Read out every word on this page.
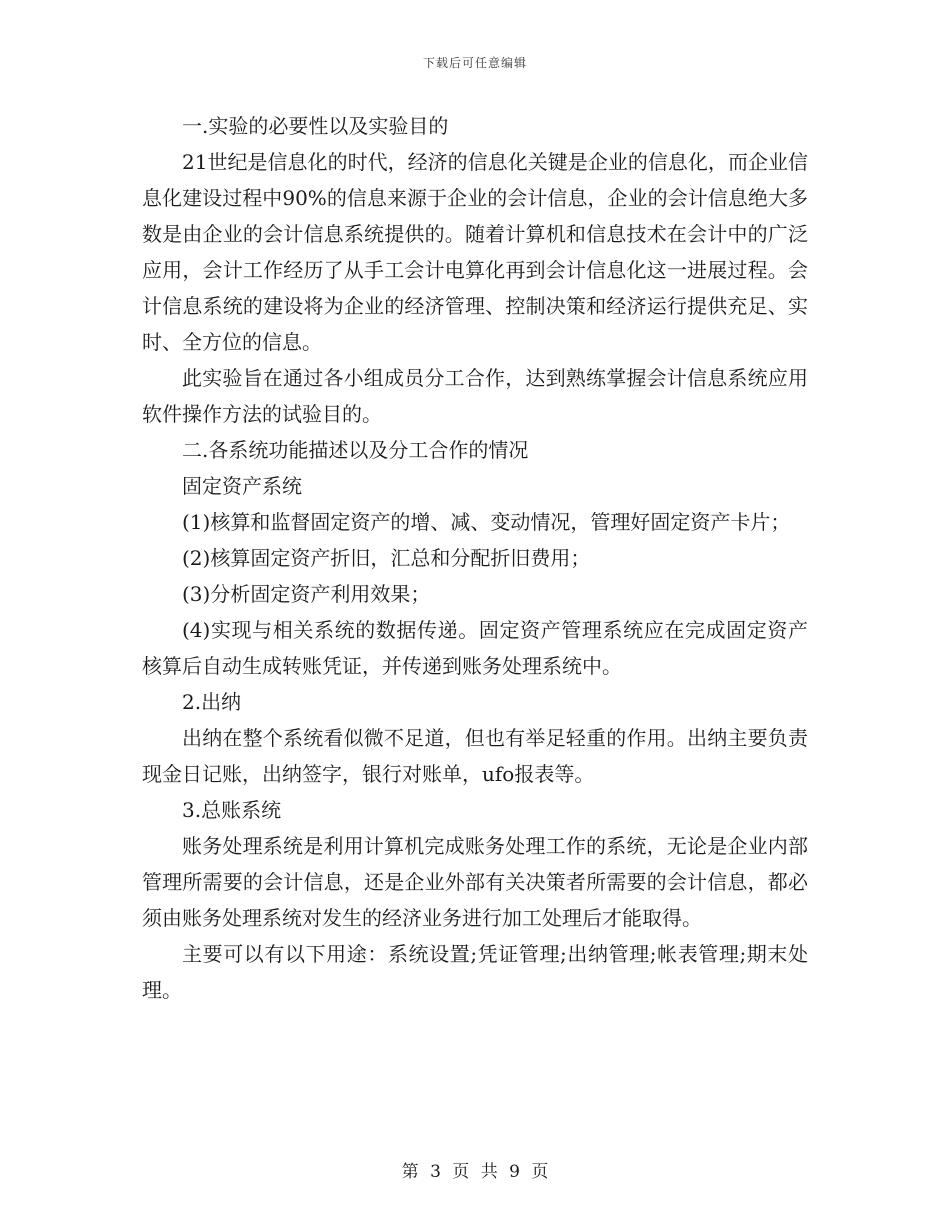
下载后可任意编辑

一.实验的必要性以及实验目的

21世纪是信息化的时代，经济的信息化关键是企业的信息化，而企业信息化建设过程中90%的信息来源于企业的会计信息，企业的会计信息绝大多数是由企业的会计信息系统提供的。随着计算机和信息技术在会计中的广泛应用，会计工作经历了从手工会计电算化再到会计信息化这一进展过程。会计信息系统的建设将为企业的经济管理、控制决策和经济运行提供充足、实时、全方位的信息。

此实验旨在通过各小组成员分工合作，达到熟练掌握会计信息系统应用软件操作方法的试验目的。

二.各系统功能描述以及分工合作的情况

固定资产系统

(1)核算和监督固定资产的增、减、变动情况，管理好固定资产卡片；

(2)核算固定资产折旧，汇总和分配折旧费用；

(3)分析固定资产利用效果；

(4)实现与相关系统的数据传递。固定资产管理系统应在完成固定资产核算后自动生成转账凭证，并传递到账务处理系统中。

2.出纳

出纳在整个系统看似微不足道，但也有举足轻重的作用。出纳主要负责现金日记账，出纳签字，银行对账单，ufo报表等。

3.总账系统

账务处理系统是利用计算机完成账务处理工作的系统，无论是企业内部管理所需要的会计信息，还是企业外部有关决策者所需要的会计信息，都必须由账务处理系统对发生的经济业务进行加工处理后才能取得。

主要可以有以下用途：系统设置;凭证管理;出纳管理;帐表管理;期末处理。

第 3 页 共 9 页
